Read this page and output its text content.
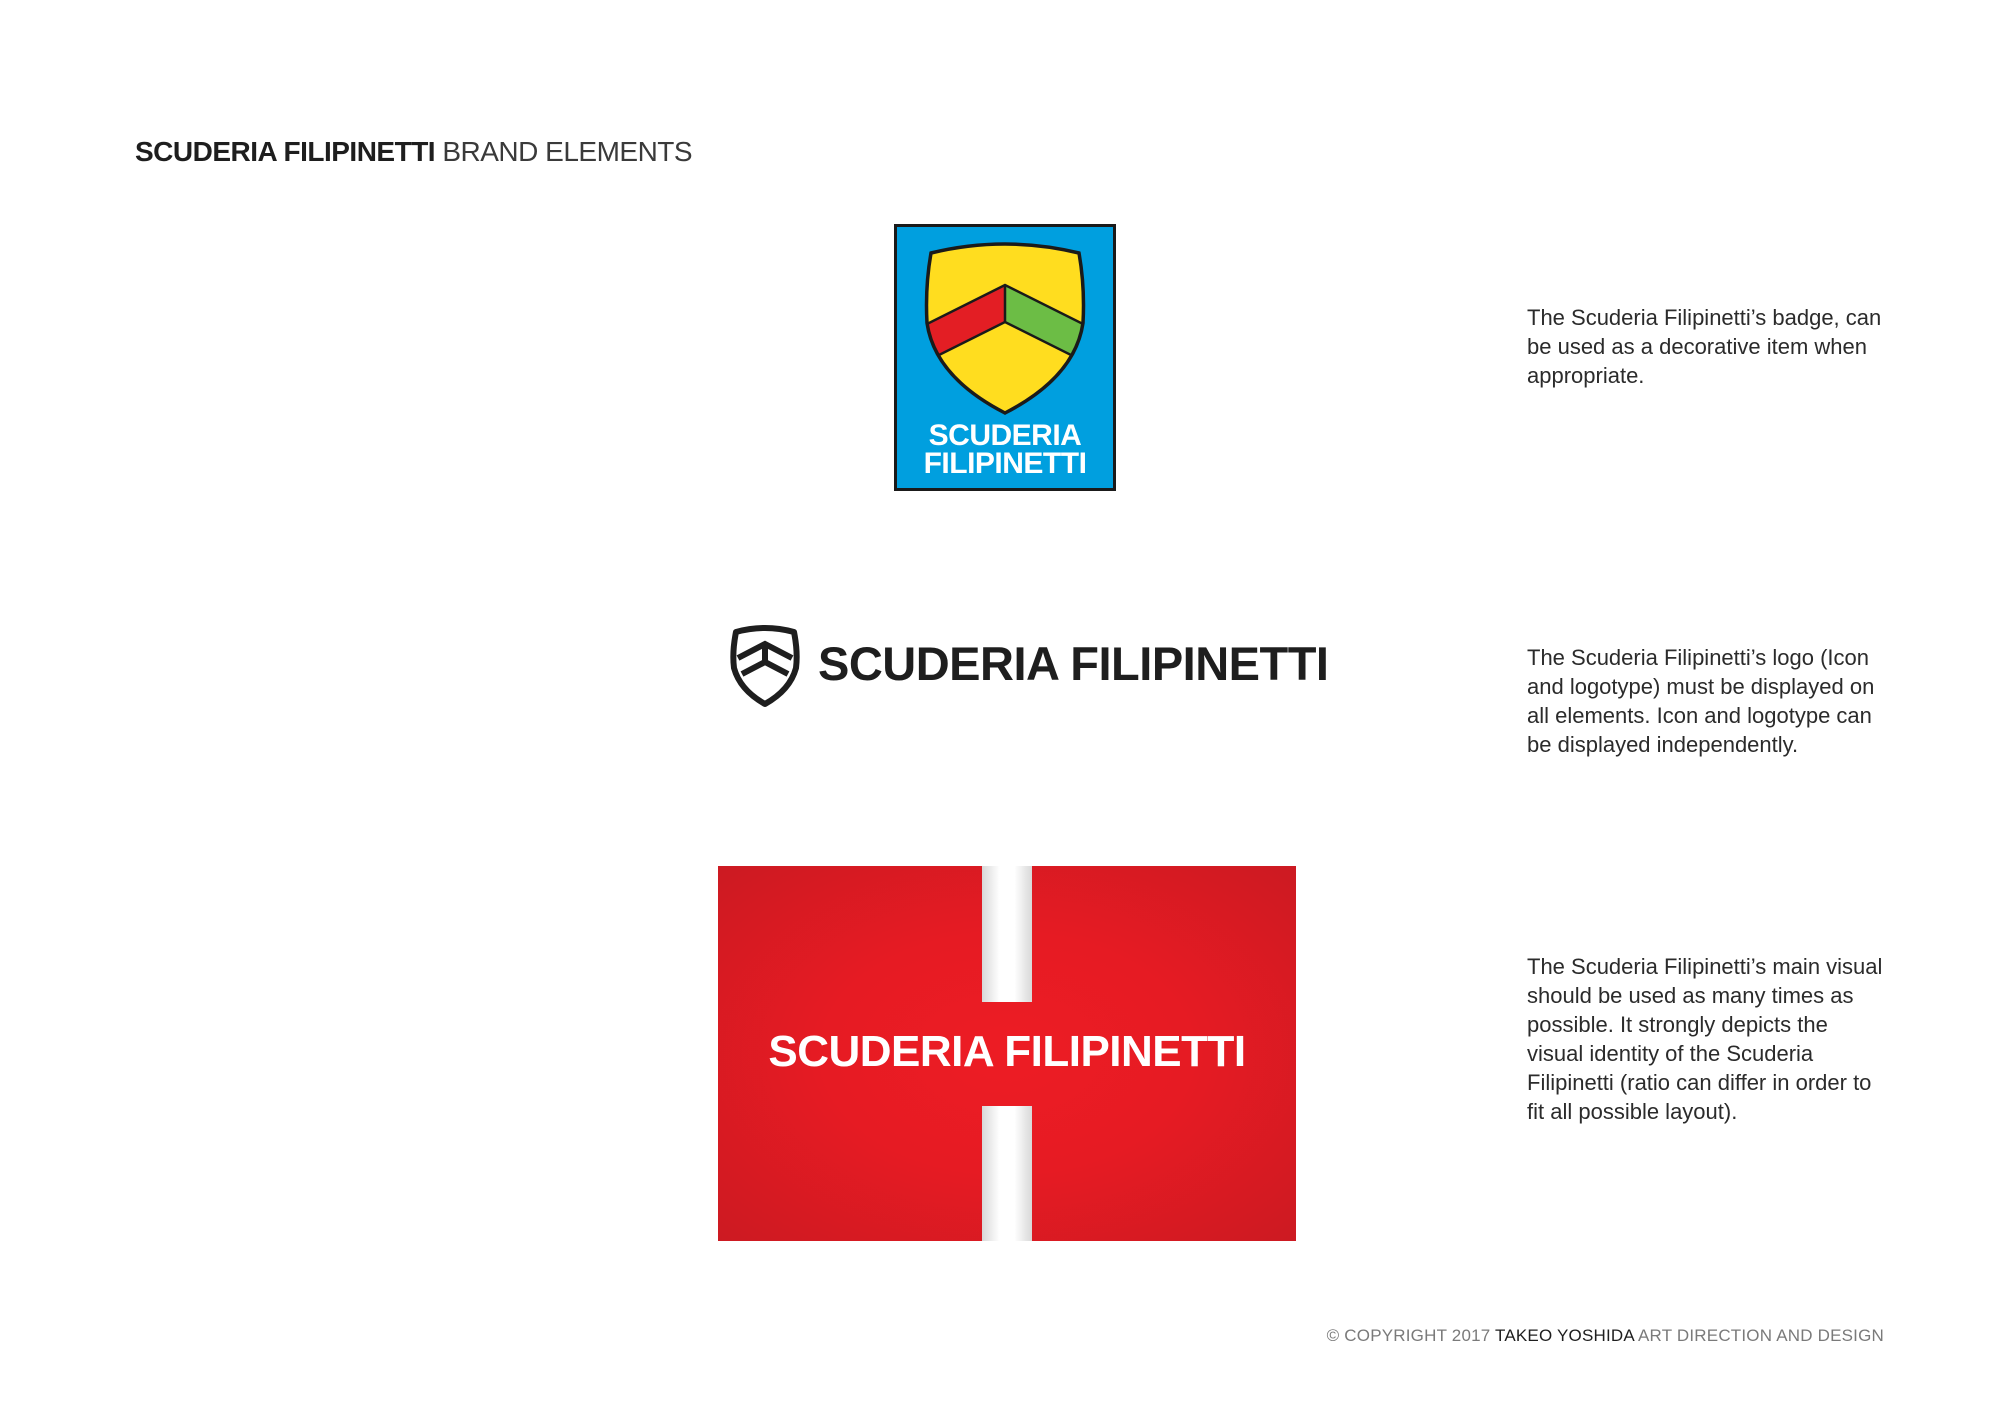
SCUDERIA FILIPINETTI BRAND ELEMENTS
SCUDERIA
FILIPINETTI
SCUDERIA FILIPINETTI
SCUDERIA FILIPINETTI

The Scuderia Filipinetti’s badge, can be used as a decorative item when appropriate.

The Scuderia Filipinetti’s logo (Icon and logotype) must be displayed on all elements. Icon and logotype can be displayed independently.

The Scuderia Filipinetti’s main visual should be used as many times as possible. It strongly depicts the visual identity of the Scuderia Filipinetti (ratio can differ in order to fit all possible layout).

© COPYRIGHT 2017 TAKEO YOSHIDA ART DIRECTION AND DESIGN
